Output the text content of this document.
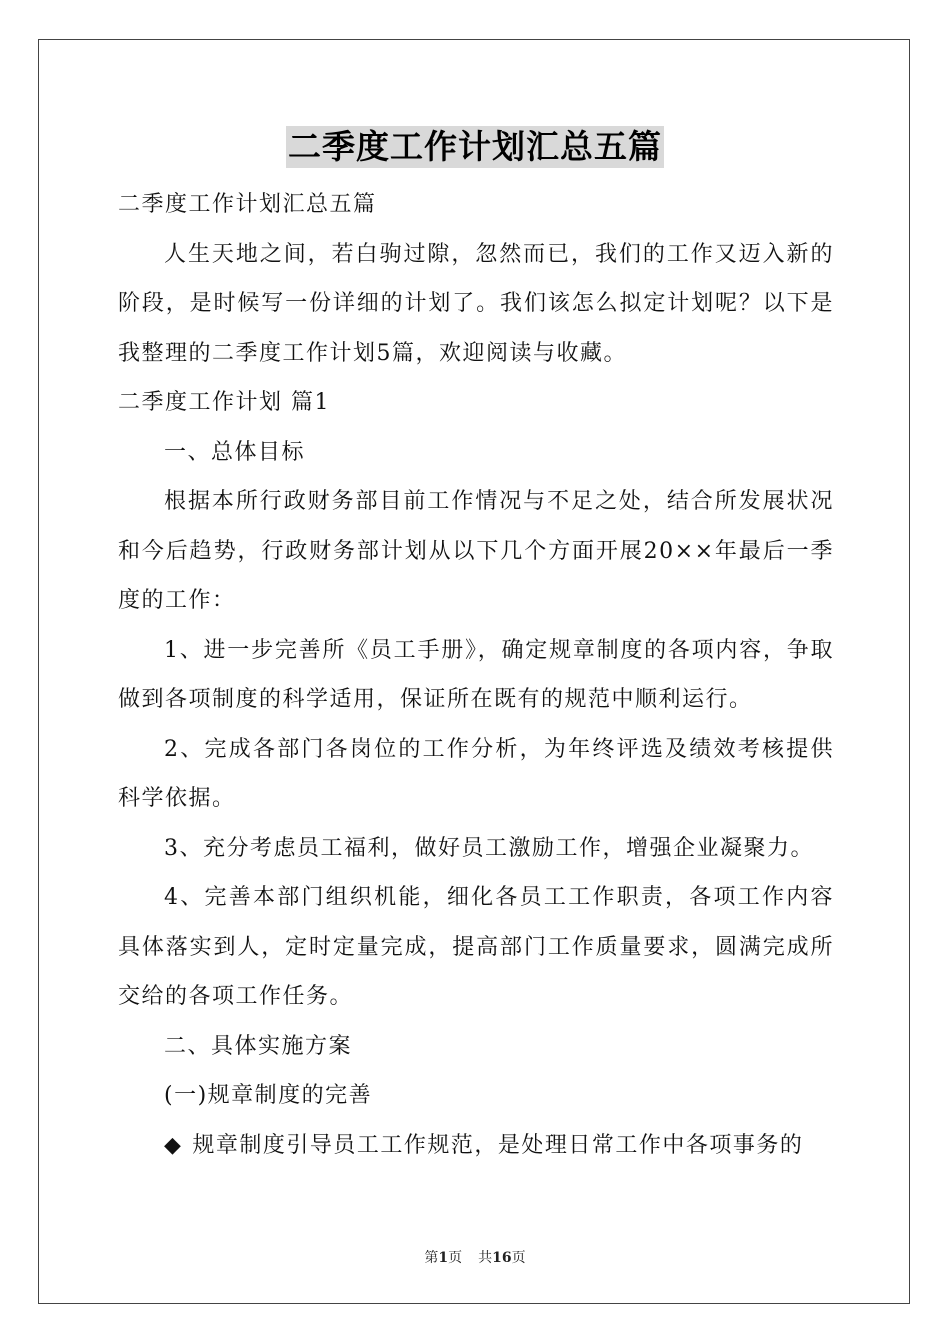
二季度工作计划汇总五篇

二季度工作计划汇总五篇

人生天地之间，若白驹过隙，忽然而已，我们的工作又迈入新的阶段，是时候写一份详细的计划了。我们该怎么拟定计划呢？以下是我整理的二季度工作计划5篇，欢迎阅读与收藏。

二季度工作计划 篇1

一、总体目标

根据本所行政财务部目前工作情况与不足之处，结合所发展状况和今后趋势，行政财务部计划从以下几个方面开展20××年最后一季度的工作：

1、进一步完善所《员工手册》，确定规章制度的各项内容，争取做到各项制度的科学适用，保证所在既有的规范中顺利运行。

2、完成各部门各岗位的工作分析，为年终评选及绩效考核提供科学依据。

3、充分考虑员工福利，做好员工激励工作，增强企业凝聚力。

4、完善本部门组织机能，细化各员工工作职责，各项工作内容具体落实到人，定时定量完成，提高部门工作质量要求，圆满完成所交给的各项工作任务。

二、具体实施方案

(一)规章制度的完善

◆ 规章制度引导员工工作规范，是处理日常工作中各项事务的

第1页 共16页
